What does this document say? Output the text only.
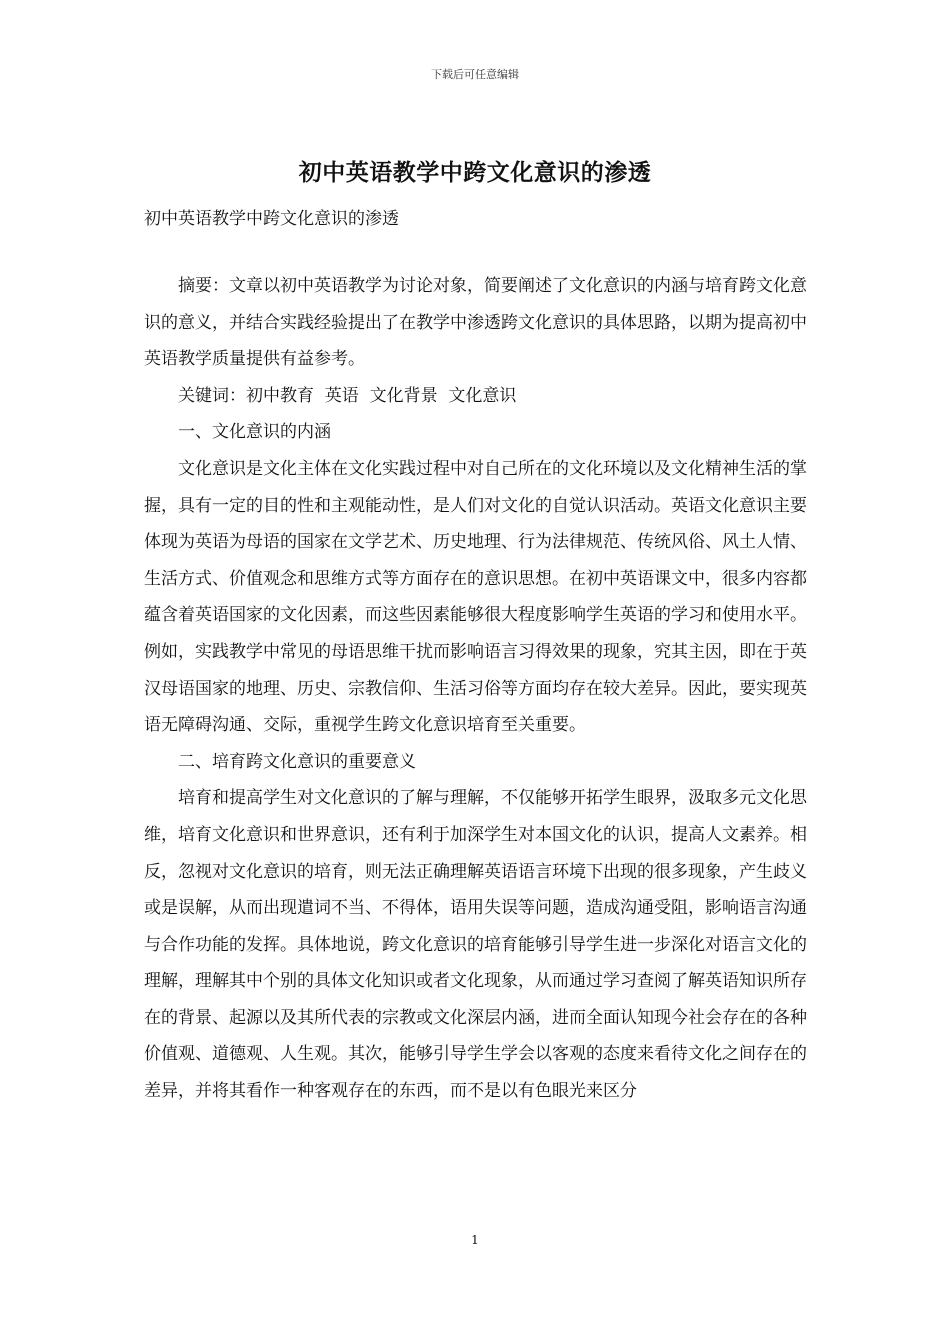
下载后可任意编辑
初中英语教学中跨文化意识的渗透
初中英语教学中跨文化意识的渗透

摘要：文章以初中英语教学为讨论对象，简要阐述了文化意识的内涵与培育跨文化意识的意义，并结合实践经验提出了在教学中渗透跨文化意识的具体思路，以期为提高初中英语教学质量提供有益参考。

关键词：初中教育  英语  文化背景  文化意识

一、文化意识的内涵

文化意识是文化主体在文化实践过程中对自己所在的文化环境以及文化精神生活的掌握，具有一定的目的性和主观能动性，是人们对文化的自觉认识活动。英语文化意识主要体现为英语为母语的国家在文学艺术、历史地理、行为法律规范、传统风俗、风土人情、生活方式、价值观念和思维方式等方面存在的意识思想。在初中英语课文中，很多内容都蕴含着英语国家的文化因素，而这些因素能够很大程度影响学生英语的学习和使用水平。例如，实践教学中常见的母语思维干扰而影响语言习得效果的现象，究其主因，即在于英汉母语国家的地理、历史、宗教信仰、生活习俗等方面均存在较大差异。因此，要实现英语无障碍沟通、交际，重视学生跨文化意识培育至关重要。

二、培育跨文化意识的重要意义

培育和提高学生对文化意识的了解与理解，不仅能够开拓学生眼界，汲取多元文化思维，培育文化意识和世界意识，还有利于加深学生对本国文化的认识，提高人文素养。相反，忽视对文化意识的培育，则无法正确理解英语语言环境下出现的很多现象，产生歧义或是误解，从而出现遣词不当、不得体，语用失误等问题，造成沟通受阻，影响语言沟通与合作功能的发挥。具体地说，跨文化意识的培育能够引导学生进一步深化对语言文化的理解，理解其中个别的具体文化知识或者文化现象，从而通过学习查阅了解英语知识所存在的背景、起源以及其所代表的宗教或文化深层内涵，进而全面认知现今社会存在的各种价值观、道德观、人生观。其次，能够引导学生学会以客观的态度来看待文化之间存在的差异，并将其看作一种客观存在的东西，而不是以有色眼光来区分

1
